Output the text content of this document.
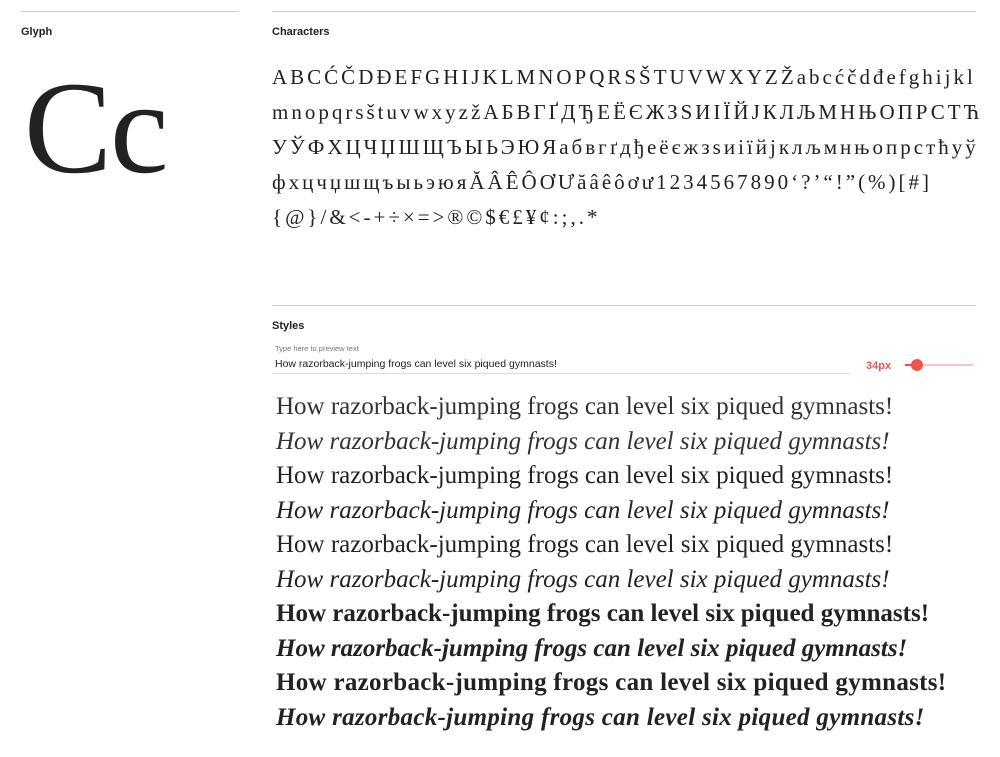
Glyph
Cc
Characters
ABCĆČDĐEFGHIJKLMNOPQRSŠTUVWXYZŽabcćčdđefghijklmnopqrsštuvwxyzžАБВГҐДЂЕЁЄЖЗЅИІЇЙЈКЛЉМНЊОПРСТЋУЎФХЦЧЏШЩЪЫЬЭЮЯабвгґдђеёєжзѕиіїйјклљмнњопрстћуўфхцчџшщъыьэюяĂÂÊÔƠƯăâêôơư1234567890‘?’“!”(%)[#]{@}/&<-+÷×=>®©$€£¥¢:;,.*
Styles
Type here to preview text
How razorback-jumping frogs can level six piqued gymnasts!
34px
How razorback-jumping frogs can level six piqued gymnasts!
How razorback-jumping frogs can level six piqued gymnasts!
How razorback-jumping frogs can level six piqued gymnasts!
How razorback-jumping frogs can level six piqued gymnasts!
How razorback-jumping frogs can level six piqued gymnasts!
How razorback-jumping frogs can level six piqued gymnasts!
How razorback-jumping frogs can level six piqued gymnasts!
How razorback-jumping frogs can level six piqued gymnasts!
How razorback-jumping frogs can level six piqued gymnasts!
How razorback-jumping frogs can level six piqued gymnasts!
